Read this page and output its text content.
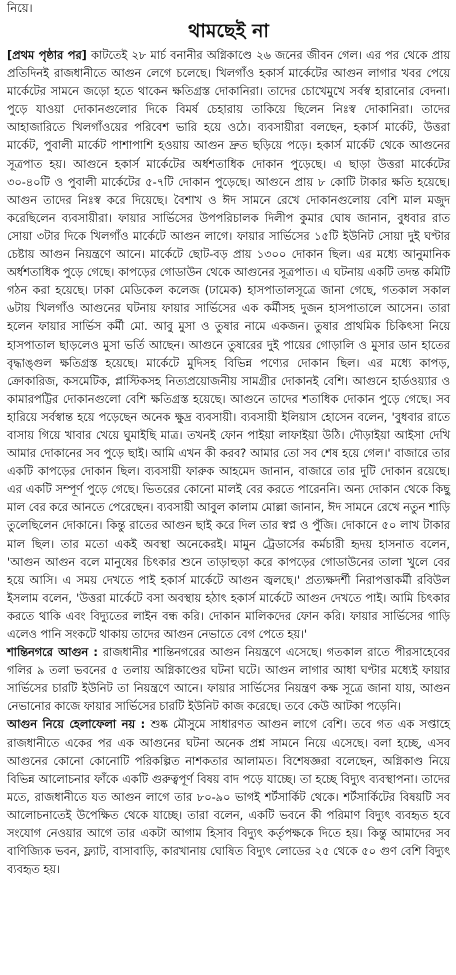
নিয়ে।

থামছেই না

[প্রথম পৃষ্ঠার পর] কাটতেই ২৮ মার্চ বনানীর অগ্নিকাণ্ডে ২৬ জনের জীবন গেল। এর পর থেকে প্রায় প্রতিদিনই রাজধানীতে আগুন লেগে চলেছে। খিলগাঁও হকার্স মার্কেটের আগুন লাগার খবর পেয়ে মার্কেটের সামনে জড়ো হতে থাকেন ক্ষতিগ্রস্ত দোকানিরা। তাদের চোখেমুখে সর্বস্ব হারানোর বেদনা। পুড়ে যাওয়া দোকানগুলোর দিকে বিমর্ষ চেহারায় তাকিয়ে ছিলেন নিঃস্ব দোকানিরা। তাদের আহাজারিতে খিলগাঁওয়ের পরিবেশ ভারি হয়ে ওঠে। ব্যবসায়ীরা বলছেন, হকার্স মার্কেট, উত্তরা মার্কেট, পুবালী মার্কেট পাশাপাশি হওয়ায় আগুন দ্রুত ছড়িয়ে পড়ে। হকার্স মার্কেট থেকে আগুনের সূত্রপাত হয়। আগুনে হকার্স মার্কেটের অর্ধশতাধিক দোকান পুড়েছে। এ ছাড়া উত্তরা মার্কেটের ৩০-৪০টি ও পুবালী মার্কেটের ৫-৭টি দোকান পুড়েছে। আগুনে প্রায় ৮ কোটি টাকার ক্ষতি হয়েছে। আগুন তাদের নিঃস্ব করে দিয়েছে। বৈশাখ ও ঈদ সামনে রেখে দোকানগুলোয় বেশি মাল মজুদ করেছিলেন ব্যবসায়ীরা। ফায়ার সার্ভিসের উপপরিচালক দিলীপ কুমার ঘোষ জানান, বুধবার রাত সোয়া ৩টার দিকে খিলগাঁও মার্কেটে আগুন লাগে। ফায়ার সার্ভিসের ১৫টি ইউনিট সোয়া দুই ঘণ্টার চেষ্টায় আগুন নিয়ন্ত্রণে আনে। মার্কেটে ছোট-বড় প্রায় ১৩০০ দোকান ছিল। এর মধ্যে আনুমানিক অর্ধশতাধিক পুড়ে গেছে। কাপড়ের গোডাউন থেকে আগুনের সূত্রপাত। এ ঘটনায় একটি তদন্ত কমিটি গঠন করা হয়েছে। ঢাকা মেডিকেল কলেজ (ঢামেক) হাসপাতালসূত্রে জানা গেছে, গতকাল সকাল ৬টায় খিলগাঁও আগুনের ঘটনায় ফায়ার সার্ভিসের এক কর্মীসহ দুজন হাসপাতালে আসেন। তারা হলেন ফায়ার সার্ভিস কর্মী মো. আবু মুসা ও তুষার নামে একজন। তুষার প্রাথমিক চিকিৎসা নিয়ে হাসপাতাল ছাড়লেও মুসা ভর্তি আছেন। আগুনে তুষারের দুই পায়ের গোড়ালি ও মুসার ডান হাতের বৃদ্ধাঙ্গুল ক্ষতিগ্রস্ত হয়েছে। মার্কেটে মুদিসহ বিভিন্ন পণ্যের দোকান ছিল। এর মধ্যে কাপড়, ক্রোকারিজ, কসমেটিক, প্লাস্টিকসহ নিত্যপ্রয়োজনীয় সামগ্রীর দোকানই বেশি। আগুনে হার্ডওয়্যার ও কামারপট্টির দোকানগুলো বেশি ক্ষতিগ্রস্ত হয়েছে। আগুনে তাদের শতাধিক দোকান পুড়ে গেছে। সব হারিয়ে সর্বস্বান্ত হয়ে পড়েছেন অনেক ক্ষুদ্র ব্যবসায়ী। ব্যবসায়ী ইলিয়াস হোসেন বলেন, 'বুধবার রাতে বাসায় গিয়ে খাবার খেয়ে ঘুমাইছি মাত্র। তখনই ফোন পাইয়া লাফাইয়া উঠি। দৌড়াইয়া আইসা দেখি আমার দোকানের সব পুড়ে ছাই। আমি এখন কী করব? আমার তো সব শেষ হয়ে গেল।' বাজারে তার একটি কাপড়ের দোকান ছিল। ব্যবসায়ী ফারুক আহমেদ জানান, বাজারে তার দুটি দোকান রয়েছে। এর একটি সম্পূর্ণ পুড়ে গেছে। ভিতরের কোনো মালই বের করতে পারেননি। অন্য দোকান থেকে কিছু মাল বের করে আনতে পেরেছেন। ব্যবসায়ী আবুল কালাম মোল্লা জানান, ঈদ সামনে রেখে নতুন শাড়ি তুলেছিলেন দোকানে। কিন্তু রাতের আগুন ছাই করে দিল তার স্বপ্ন ও পুঁজি। দোকানে ৫০ লাখ টাকার মাল ছিল। তার মতো একই অবস্থা অনেকেরই। মামুন ট্রেডার্সের কর্মচারী হৃদয় হাসনাত বলেন, 'আগুন আগুন বলে মানুষের চিৎকার শুনে তাড়াহুড়া করে কাপড়ের গোডাউনের তালা খুলে বের হয়ে আসি। এ সময় দেখতে পাই হকার্স মার্কেটে আগুন জ্বলছে।' প্রত্যক্ষদর্শী নিরাপত্তাকর্মী রবিউল ইসলাম বলেন, 'উত্তরা মার্কেটে বসা অবস্থায় হঠাৎ হকার্স মার্কেটে আগুন দেখতে পাই। আমি চিৎকার করতে থাকি এবং বিদ্যুতের লাইন বন্ধ করি। দোকান মালিকদের ফোন করি। ফায়ার সার্ভিসের গাড়ি এলেও পানি সংকটে থাকায় তাদের আগুন নেভাতে বেগ পেতে হয়।'

শান্তিনগরে আগুন : রাজধানীর শান্তিনগরের আগুন নিয়ন্ত্রণে এসেছে। গতকাল রাতে পীরসাহেবের গলির ৯ তলা ভবনের ৫ তলায় অগ্নিকাণ্ডের ঘটনা ঘটে। আগুন লাগার আধা ঘণ্টার মধ্যেই ফায়ার সার্ভিসের চারটি ইউনিট তা নিয়ন্ত্রণে আনে। ফায়ার সার্ভিসের নিয়ন্ত্রণ কক্ষ সূত্রে জানা যায়, আগুন নেভানোর কাজে ফায়ার সার্ভিসের চারটি ইউনিট কাজ করেছে। তবে কেউ আটকা পড়েনি।

আগুন নিয়ে হেলাফেলা নয় : শুষ্ক মৌসুমে সাধারণত আগুন লাগে বেশি। তবে গত এক সপ্তাহে রাজধানীতে একের পর এক আগুনের ঘটনা অনেক প্রশ্ন সামনে নিয়ে এসেছে। বলা হচ্ছে, এসব আগুনের কোনো কোনোটি পরিকল্পিত নাশকতার আলামত। বিশেষজ্ঞরা বলেছেন, অগ্নিকাণ্ড নিয়ে বিভিন্ন আলোচনার ফাঁকে একটি গুরুত্বপূর্ণ বিষয় বাদ পড়ে যাচ্ছে। তা হচ্ছে বিদ্যুৎ ব্যবস্থাপনা। তাদের মতে, রাজধানীতে যত আগুন লাগে তার ৮০-৯০ ভাগই শর্টসার্কিট থেকে। শর্টসার্কিটের বিষয়টি সব আলোচনাতেই উপেক্ষিত থেকে যাচ্ছে। তারা বলেন, একটি ভবনে কী পরিমাণ বিদ্যুৎ ব্যবহৃত হবে সংযোগ নেওয়ার আগে তার একটা আগাম হিসাব বিদ্যুৎ কর্তৃপক্ষকে দিতে হয়। কিন্তু আমাদের সব বাণিজ্যিক ভবন, ফ্ল্যাট, বাসাবাড়ি, কারখানায় ঘোষিত বিদ্যুৎ লোডের ২৫ থেকে ৫০ গুণ বেশি বিদ্যুৎ ব্যবহৃত হয়।
